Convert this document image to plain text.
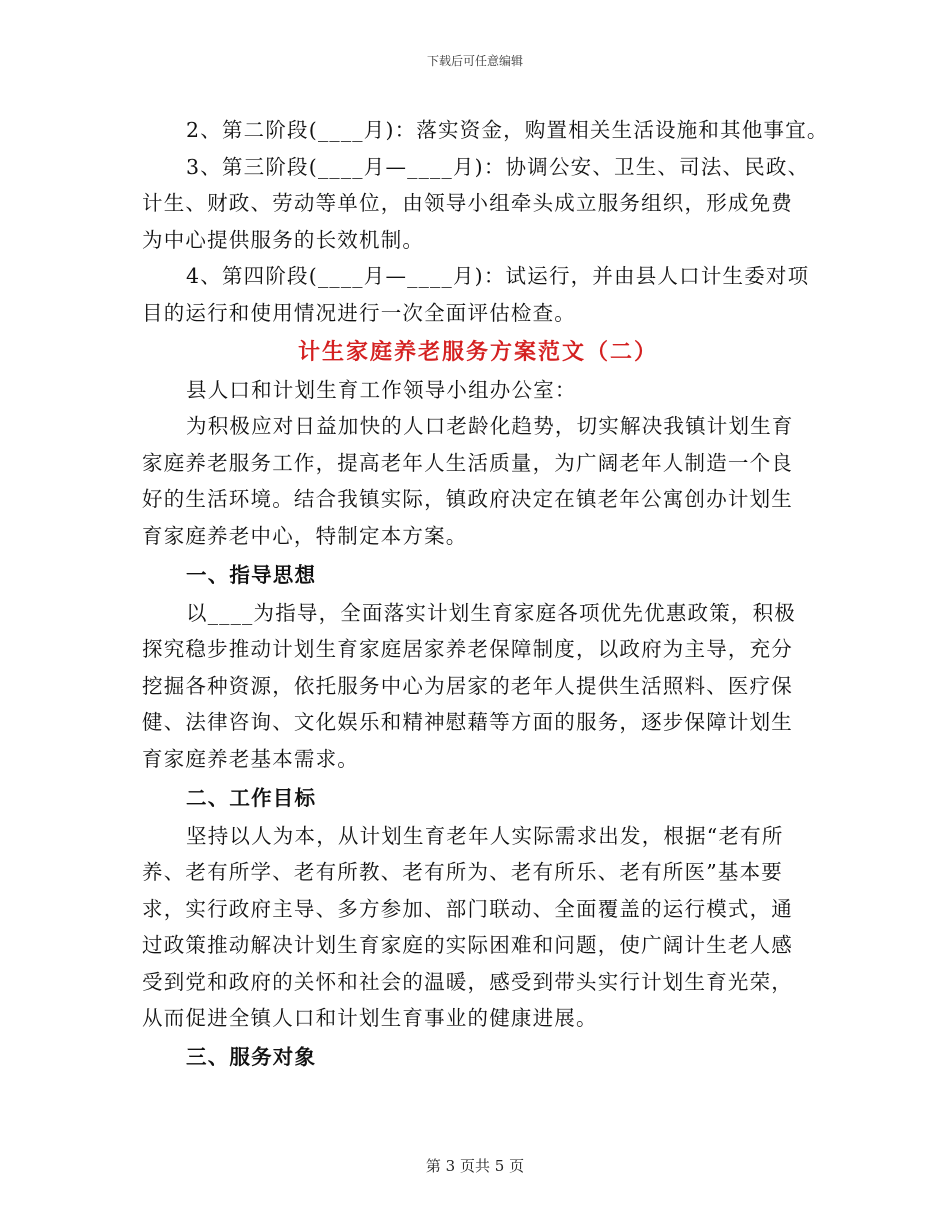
下载后可任意编辑
2、第二阶段(____月)：落实资金，购置相关生活设施和其他事宜。
3、第三阶段(____月—____月)：协调公安、卫生、司法、民政、
计生、财政、劳动等单位，由领导小组牵头成立服务组织，形成免费
为中心提供服务的长效机制。
4、第四阶段(____月—____月)：试运行，并由县人口计生委对项
目的运行和使用情况进行一次全面评估检查。
计生家庭养老服务方案范文（二）
县人口和计划生育工作领导小组办公室：
为积极应对日益加快的人口老龄化趋势，切实解决我镇计划生育
家庭养老服务工作，提高老年人生活质量，为广阔老年人制造一个良
好的生活环境。结合我镇实际，镇政府决定在镇老年公寓创办计划生
育家庭养老中心，特制定本方案。
一、指导思想
以____为指导，全面落实计划生育家庭各项优先优惠政策，积极
探究稳步推动计划生育家庭居家养老保障制度，以政府为主导，充分
挖掘各种资源，依托服务中心为居家的老年人提供生活照料、医疗保
健、法律咨询、文化娱乐和精神慰藉等方面的服务，逐步保障计划生
育家庭养老基本需求。
二、工作目标
坚持以人为本，从计划生育老年人实际需求出发，根据“老有所
养、老有所学、老有所教、老有所为、老有所乐、老有所医”基本要
求，实行政府主导、多方参加、部门联动、全面覆盖的运行模式，通
过政策推动解决计划生育家庭的实际困难和问题，使广阔计生老人感
受到党和政府的关怀和社会的温暖，感受到带头实行计划生育光荣，
从而促进全镇人口和计划生育事业的健康进展。
三、服务对象
第 3 页共 5 页
